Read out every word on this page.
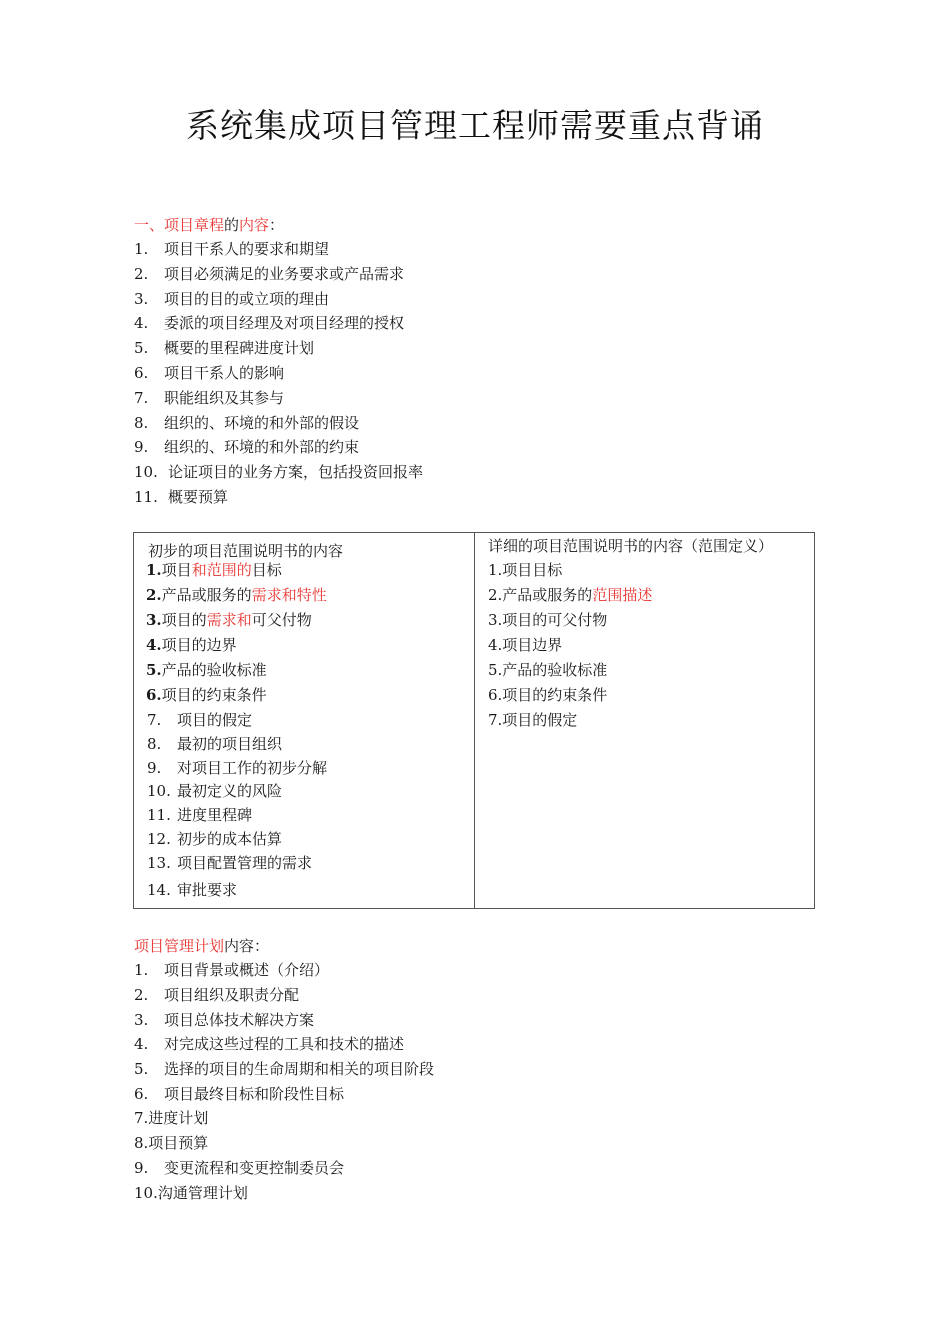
系统集成项目管理工程师需要重点背诵
一、项目章程的内容：
1. 项目干系人的要求和期望
2. 项目必须满足的业务要求或产品需求
3. 项目的目的或立项的理由
4. 委派的项目经理及对项目经理的授权
5. 概要的里程碑进度计划
6. 项目干系人的影响
7. 职能组织及其参与
8. 组织的、环境的和外部的假设
9. 组织的、环境的和外部的约束
10. 论证项目的业务方案，包括投资回报率
11. 概要预算
初步的项目范围说明书的内容
1.项目和范围的目标
2.产品或服务的需求和特性
3.项目的需求和可父付物
4.项目的边界
5.产品的验收标准
6.项目的约束条件
7. 项目的假定
8. 最初的项目组织
9. 对项目工作的初步分解
10. 最初定义的风险
11. 进度里程碑
12. 初步的成本估算
13. 项目配置管理的需求
14. 审批要求

详细的项目范围说明书的内容（范围定义）
1.项目目标
2.产品或服务的范围描述
3.项目的可父付物
4.项目边界
5.产品的验收标准
6.项目的约束条件
7.项目的假定
项目管理计划内容：
1. 项目背景或概述（介绍）
2. 项目组织及职责分配
3. 项目总体技术解决方案
4. 对完成这些过程的工具和技术的描述
5. 选择的项目的生命周期和相关的项目阶段
6. 项目最终目标和阶段性目标
7.进度计划
8.项目预算
9. 变更流程和变更控制委员会
10.沟通管理计划
